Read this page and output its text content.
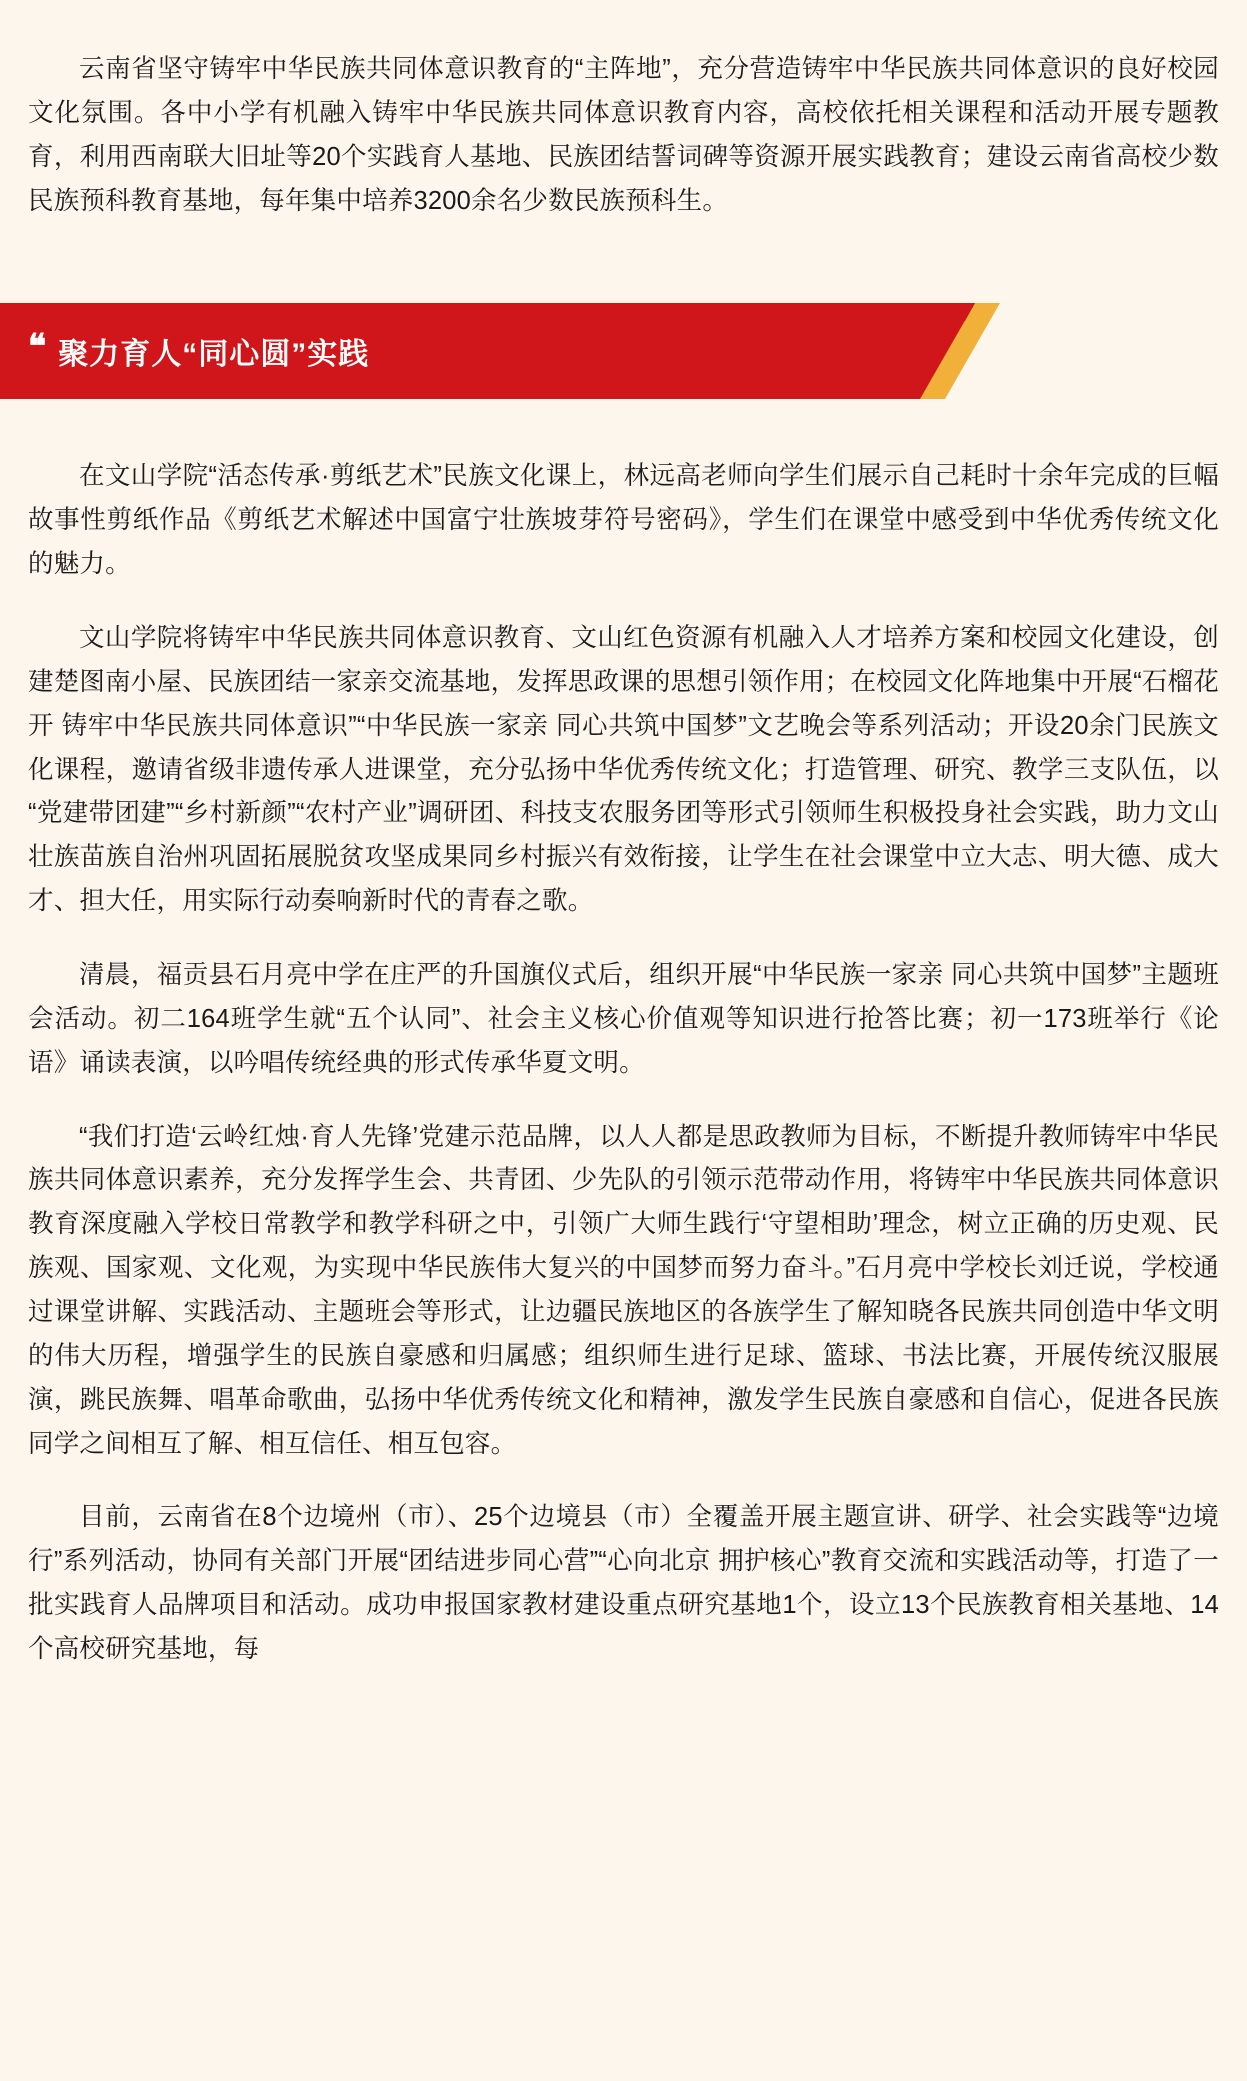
云南省坚守铸牢中华民族共同体意识教育的“主阵地”，充分营造铸牢中华民族共同体意识的良好校园文化氛围。各中小学有机融入铸牢中华民族共同体意识教育内容，高校依托相关课程和活动开展专题教育，利用西南联大旧址等20个实践育人基地、民族团结誓词碑等资源开展实践教育；建设云南省高校少数民族预科教育基地，每年集中培养3200余名少数民族预科生。

❝ 聚力育人“同心圆”实践

在文山学院“活态传承·剪纸艺术”民族文化课上，林远高老师向学生们展示自己耗时十余年完成的巨幅故事性剪纸作品《剪纸艺术解述中国富宁壮族坡芽符号密码》，学生们在课堂中感受到中华优秀传统文化的魅力。

文山学院将铸牢中华民族共同体意识教育、文山红色资源有机融入人才培养方案和校园文化建设，创建楚图南小屋、民族团结一家亲交流基地，发挥思政课的思想引领作用；在校园文化阵地集中开展“石榴花开 铸牢中华民族共同体意识”“中华民族一家亲 同心共筑中国梦”文艺晚会等系列活动；开设20余门民族文化课程，邀请省级非遗传承人进课堂，充分弘扬中华优秀传统文化；打造管理、研究、教学三支队伍，以“党建带团建”“乡村新颜”“农村产业”调研团、科技支农服务团等形式引领师生积极投身社会实践，助力文山壮族苗族自治州巩固拓展脱贫攻坚成果同乡村振兴有效衔接，让学生在社会课堂中立大志、明大德、成大才、担大任，用实际行动奏响新时代的青春之歌。

清晨，福贡县石月亮中学在庄严的升国旗仪式后，组织开展“中华民族一家亲 同心共筑中国梦”主题班会活动。初二164班学生就“五个认同”、社会主义核心价值观等知识进行抢答比赛；初一173班举行《论语》诵读表演，以吟唱传统经典的形式传承华夏文明。

“我们打造‘云岭红烛·育人先锋’党建示范品牌，以人人都是思政教师为目标，不断提升教师铸牢中华民族共同体意识素养，充分发挥学生会、共青团、少先队的引领示范带动作用，将铸牢中华民族共同体意识教育深度融入学校日常教学和教学科研之中，引领广大师生践行‘守望相助’理念，树立正确的历史观、民族观、国家观、文化观，为实现中华民族伟大复兴的中国梦而努力奋斗。”石月亮中学校长刘迁说，学校通过课堂讲解、实践活动、主题班会等形式，让边疆民族地区的各族学生了解知晓各民族共同创造中华文明的伟大历程，增强学生的民族自豪感和归属感；组织师生进行足球、篮球、书法比赛，开展传统汉服展演，跳民族舞、唱革命歌曲，弘扬中华优秀传统文化和精神，激发学生民族自豪感和自信心，促进各民族同学之间相互了解、相互信任、相互包容。

目前，云南省在8个边境州（市）、25个边境县（市）全覆盖开展主题宣讲、研学、社会实践等“边境行”系列活动，协同有关部门开展“团结进步同心营”“心向北京 拥护核心”教育交流和实践活动等，打造了一批实践育人品牌项目和活动。成功申报国家教材建设重点研究基地1个，设立13个民族教育相关基地、14个高校研究基地，每
